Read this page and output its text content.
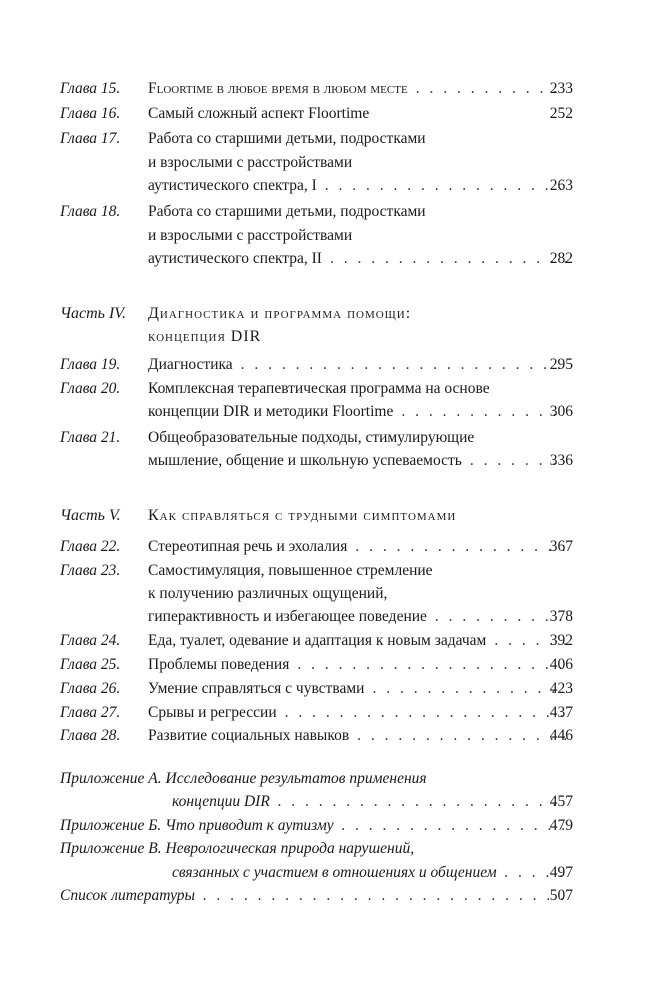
Глава 15. Floortime в любое время в любом месте . . .	233
Глава 16. Самый сложный аспект Floortime	252
Глава 17. Работа со старшими детьми, подростками
и взрослыми с расстройствами
аутистического спектра, I . . .	263
Глава 18. Работа со старшими детьми, подростками
и взрослыми с расстройствами
аутистического спектра, II . . .	282
Часть IV. Диагностика и программа помощи:
концепция DIR
Глава 19. Диагностика . . .	295
Глава 20. Комплексная терапевтическая программа на основе
концепции DIR и методики Floortime . . .	306
Глава 21. Общеобразовательные подходы, стимулирующие
мышление, общение и школьную успеваемость . . .	336
Часть V. Как справляться с трудными симптомами
Глава 22. Стереотипная речь и эхолалия . . .	367
Глава 23. Самостимуляция, повышенное стремление
к получению различных ощущений,
гиперактивность и избегающее поведение . . .	378
Глава 24. Еда, туалет, одевание и адаптация к новым задачам . . .	392
Глава 25. Проблемы поведения . . .	406
Глава 26. Умение справляться с чувствами . . .	423
Глава 27. Срывы и регрессии . . .	437
Глава 28. Развитие социальных навыков . . .	446
Приложение А. Исследование результатов применения
концепции DIR . . .	457
Приложение Б. Что приводит к аутизму . . .	479
Приложение В. Неврологическая природа нарушений,
связанных с участием в отношениях и общением . . .	497
Список литературы . . .	507
